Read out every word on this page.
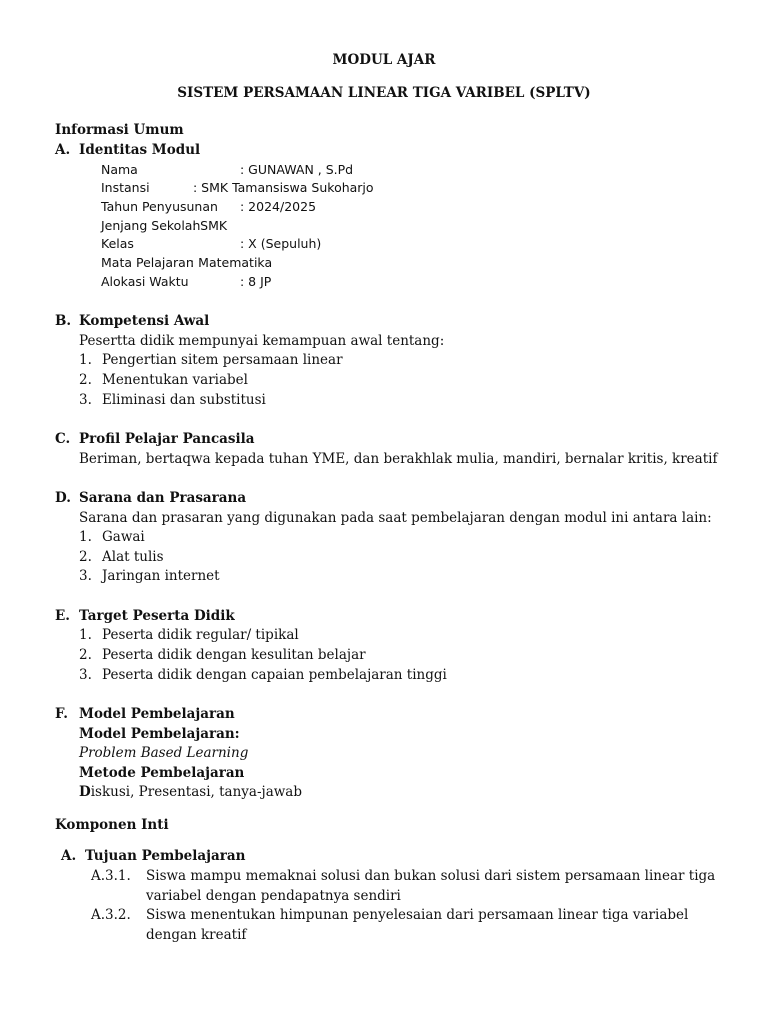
MODUL AJAR
SISTEM PERSAMAAN LINEAR TIGA VARIBEL (SPLTV)
Informasi Umum
A. Identitas Modul
Nama	: GUNAWAN , S.Pd
Instansi	: SMK Tamansiswa Sukoharjo
Tahun Penyusunan : 2024/2025
Jenjang Sekolah
: SMK
Kelas	: X (Sepuluh)
Mata Pelajaran
: Matematika
Alokasi Waktu	: 8 JP
B. Kompetensi Awal
Pesertta didik mempunyai kemampuan awal tentang:
1. Pengertian sitem persamaan linear
2. Menentukan variabel
3. Eliminasi dan substitusi
C. Profil Pelajar Pancasila
Beriman, bertaqwa kepada tuhan YME, dan berakhlak mulia, mandiri, bernalar kritis, kreatif
D. Sarana dan Prasarana
Sarana dan prasaran yang digunakan pada saat pembelajaran dengan modul ini antara lain:
1. Gawai
2. Alat tulis
3. Jaringan internet
E. Target Peserta Didik
1. Peserta didik regular/ tipikal
2. Peserta didik dengan kesulitan belajar
3. Peserta didik dengan capaian pembelajaran tinggi
F. Model Pembelajaran
Model Pembelajaran:
Problem Based Learning
Metode Pembelajaran
Diskusi, Presentasi, tanya-jawab
Komponen Inti
A. Tujuan Pembelajaran
A.3.1. Siswa mampu memaknai solusi dan bukan solusi dari sistem persamaan linear tiga
variabel dengan pendapatnya sendiri
A.3.2. Siswa menentukan himpunan penyelesaian dari persamaan linear tiga variabel
dengan kreatif
